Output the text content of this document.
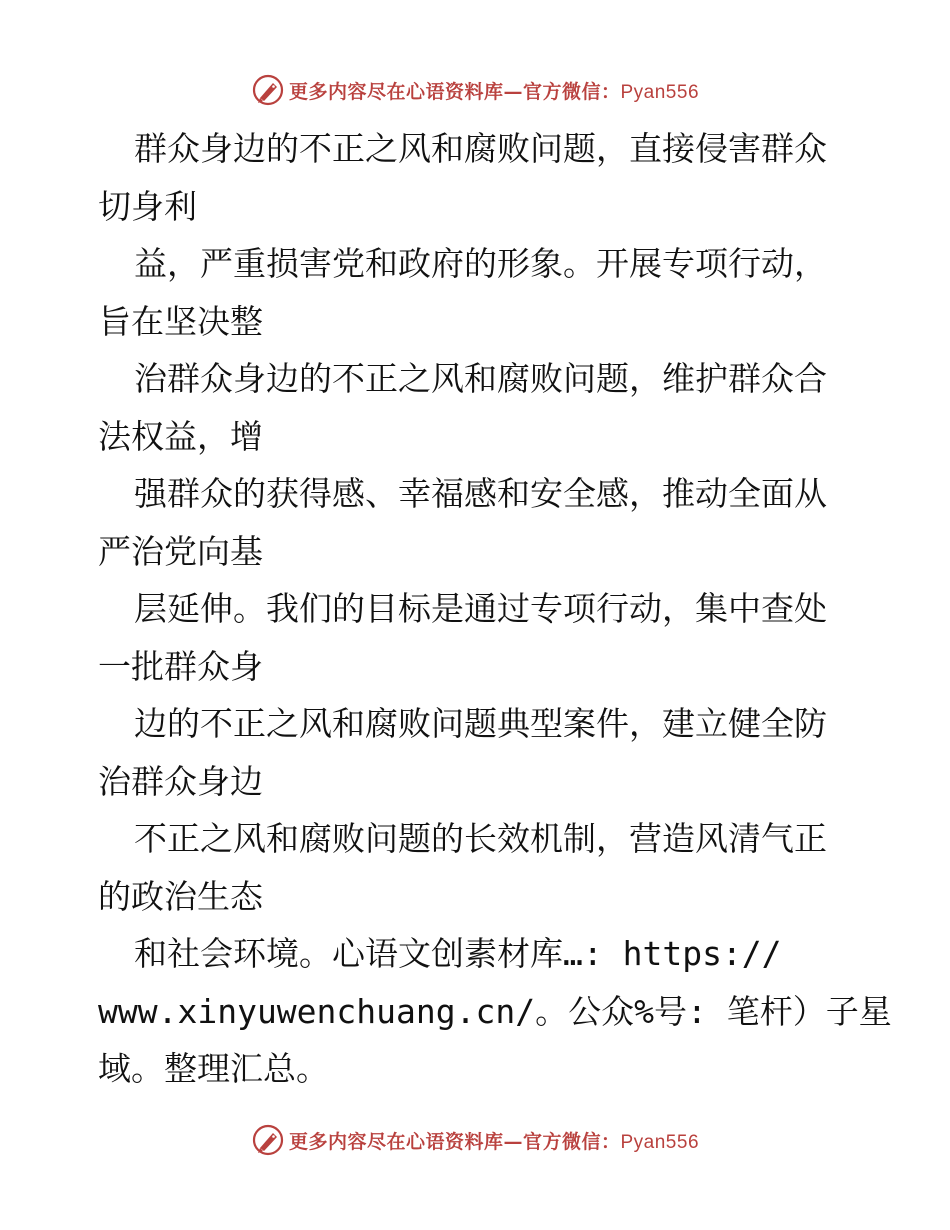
更多内容尽在心语资料库—官方微信：Pyan556
群众身边的不正之风和腐败问题，直接侵害群众
切身利
益，严重损害党和政府的形象。开展专项行动，
旨在坚决整
治群众身边的不正之风和腐败问题，维护群众合
法权益，增
强群众的获得感、幸福感和安全感，推动全面从
严治党向基
层延伸。我们的目标是通过专项行动，集中查处
一批群众身
边的不正之风和腐败问题典型案件，建立健全防
治群众身边
不正之风和腐败问题的长效机制，营造风清气正
的政治生态
和社会环境。心语文创素材库…: https://
www.xinyuwenchuang.cn/。公众%号: 笔杆）子星
域。整理汇总。
更多内容尽在心语资料库—官方微信：Pyan556
